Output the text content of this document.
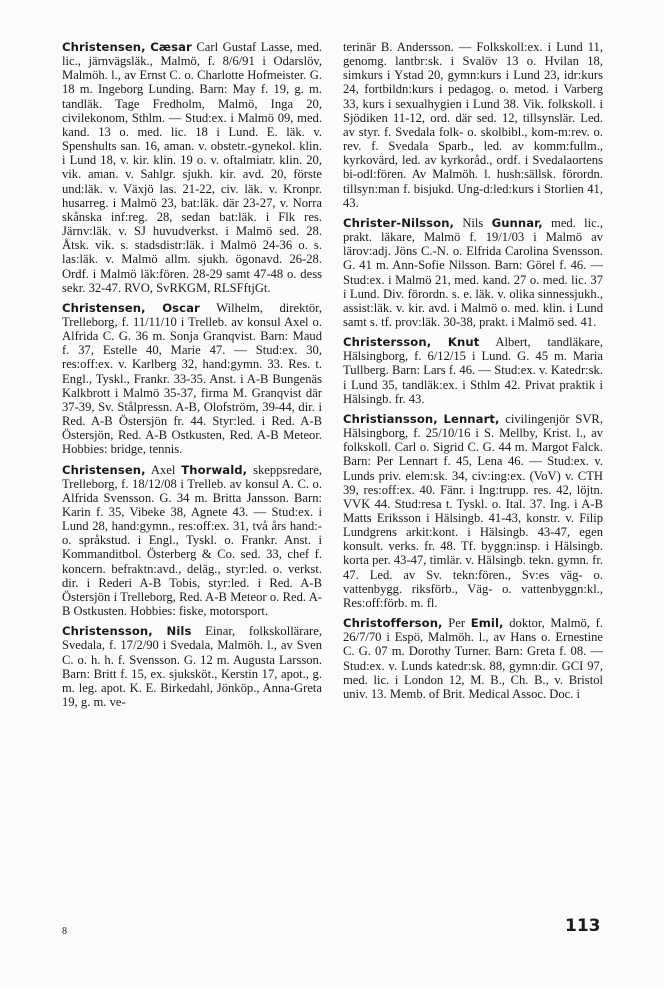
Christensen, Cæsar Carl Gustaf Lasse, med. lic., järnvägsläk., Malmö, f. 8/6/91 i Odarslöv, Malmöh. l., av Ernst C. o. Charlotte Hofmeister. G. 18 m. Ingeborg Lunding. Barn: May f. 19, g. m. tandläk. Tage Fredholm, Malmö, Inga 20, civilekonom, Sthlm. — Stud:ex. i Malmö 09, med. kand. 13 o. med. lic. 18 i Lund. E. läk. v. Spenshults san. 16, aman. v. obstetr.-gynekol. klin. i Lund 18, v. kir. klin. 19 o. v. oftalmiatr. klin. 20, vik. aman. v. Sahlgr. sjukh. kir. avd. 20, förste und:läk. v. Växjö las. 21-22, civ. läk. v. Kronpr. husarreg. i Malmö 23, bat:läk. där 23-27, v. Norra skånska inf:reg. 28, sedan bat:läk. i Flk res. Järnv:läk. v. SJ huvudverkst. i Malmö sed. 28. Åtsk. vik. s. stadsdistr:läk. i Malmö 24-36 o. s. las:läk. v. Malmö allm. sjukh. ögonavd. 26-28. Ordf. i Malmö läk:fören. 28-29 samt 47-48 o. dess sekr. 32-47. RVO, SvRKGM, RLSFftjGt.

Christensen, Oscar Wilhelm, direktör, Trelleborg, f. 11/11/10 i Trelleb. av konsul Axel o. Alfrida C. G. 36 m. Sonja Granqvist. Barn: Maud f. 37, Estelle 40, Marie 47. — Stud:ex. 30, res:off:ex. v. Karlberg 32, hand:gymn. 33. Res. t. Engl., Tyskl., Frankr. 33-35. Anst. i A-B Bungenäs Kalkbrott i Malmö 35-37, firma M. Granqvist där 37-39, Sv. Stålpressn. A-B, Olofström, 39-44, dir. i Red. A-B Östersjön fr. 44. Styr:led. i Red. A-B Östersjön, Red. A-B Ostkusten, Red. A-B Meteor. Hobbies: bridge, tennis.

Christensen, Axel Thorwald, skeppsredare, Trelleborg, f. 18/12/08 i Trelleb. av konsul A. C. o. Alfrida Svensson. G. 34 m. Britta Jansson. Barn: Karin f. 35, Vibeke 38, Agnete 43. — Stud:ex. i Lund 28, hand:gymn., res:off:ex. 31, två års hand:- o. språkstud. i Engl., Tyskl. o. Frankr. Anst. i Kommanditbol. Österberg & Co. sed. 33, chef f. koncern. befraktn:avd., deläg., styr:led. o. verkst. dir. i Rederi A-B Tobis, styr:led. i Red. A-B Östersjön i Trelleborg, Red. A-B Meteor o. Red. A-B Ostkusten. Hobbies: fiske, motorsport.

Christensson, Nils Einar, folkskollärare, Svedala, f. 17/2/90 i Svedala, Malmöh. l., av Sven C. o. h. h. f. Svensson. G. 12 m. Augusta Larsson. Barn: Britt f. 15, ex. sjuksköt., Kerstin 17, apot., g. m. leg. apot. K. E. Birkedahl, Jönköp., Anna-Greta 19, g. m. ve-

terinär B. Andersson. — Folkskoll:ex. i Lund 11, genomg. lantbr:sk. i Svalöv 13 o. Hvilan 18, simkurs i Ystad 20, gymn:kurs i Lund 23, idr:kurs 24, fortbildn:kurs i pedagog. o. metod. i Varberg 33, kurs i sexualhygien i Lund 38. Vik. folkskoll. i Sjödiken 11-12, ord. där sed. 12, tillsynslär. Led. av styr. f. Svedala folk- o. skolbibl., kom-m:rev. o. rev. f. Svedala Sparb., led. av komm:fullm., kyrkovärd, led. av kyrkoråd., ordf. i Svedalaortens bi-odl:fören. Av Malmöh. l. hush:sällsk. förordn. tillsyn:man f. bisjukd. Ung-d:led:kurs i Storlien 41, 43.

Christer-Nilsson, Nils Gunnar, med. lic., prakt. läkare, Malmö f. 19/1/03 i Malmö av lärov:adj. Jöns C.-N. o. Elfrida Carolina Svensson. G. 41 m. Ann-Sofie Nilsson. Barn: Görel f. 46. — Stud:ex. i Malmö 21, med. kand. 27 o. med. lic. 37 i Lund. Div. förordn. s. e. läk. v. olika sinnessjukh., assist:läk. v. kir. avd. i Malmö o. med. klin. i Lund samt s. tf. prov:läk. 30-38, prakt. i Malmö sed. 41.

Christersson, Knut Albert, tandläkare, Hälsingborg, f. 6/12/15 i Lund. G. 45 m. Maria Tullberg. Barn: Lars f. 46. — Stud:ex. v. Katedr:sk. i Lund 35, tandläk:ex. i Sthlm 42. Privat praktik i Hälsingb. fr. 43.

Christiansson, Lennart, civilingenjör SVR, Hälsingborg, f. 25/10/16 i S. Mellby, Krist. l., av folkskoll. Carl o. Sigrid C. G. 44 m. Margot Falck. Barn: Per Lennart f. 45, Lena 46. — Stud:ex. v. Lunds priv. elem:sk. 34, civ:ing:ex. (VoV) v. CTH 39, res:off:ex. 40. Fänr. i Ing:trupp. res. 42, löjtn. VVK 44. Stud:resa t. Tyskl. o. Ital. 37. Ing. i A-B Matts Eriksson i Hälsingb. 41-43, konstr. v. Filip Lundgrens arkit:kont. i Hälsingb. 43-47, egen konsult. verks. fr. 48. Tf. byggn:insp. i Hälsingb. korta per. 43-47, timlär. v. Hälsingb. tekn. gymn. fr. 47. Led. av Sv. tekn:fören., Sv:es väg- o. vattenbygg. riksförb., Väg- o. vattenbyggn:kl., Res:off:förb. m. fl.

Christofferson, Per Emil, doktor, Malmö, f. 26/7/70 i Espö, Malmöh. l., av Hans o. Ernestine C. G. 07 m. Dorothy Turner. Barn: Greta f. 08. — Stud:ex. v. Lunds katedr:sk. 88, gymn:dir. GCI 97, med. lic. i London 12, M. B., Ch. B., v. Bristol univ. 13. Memb. of Brit. Medical Assoc. Doc. i

8	113
